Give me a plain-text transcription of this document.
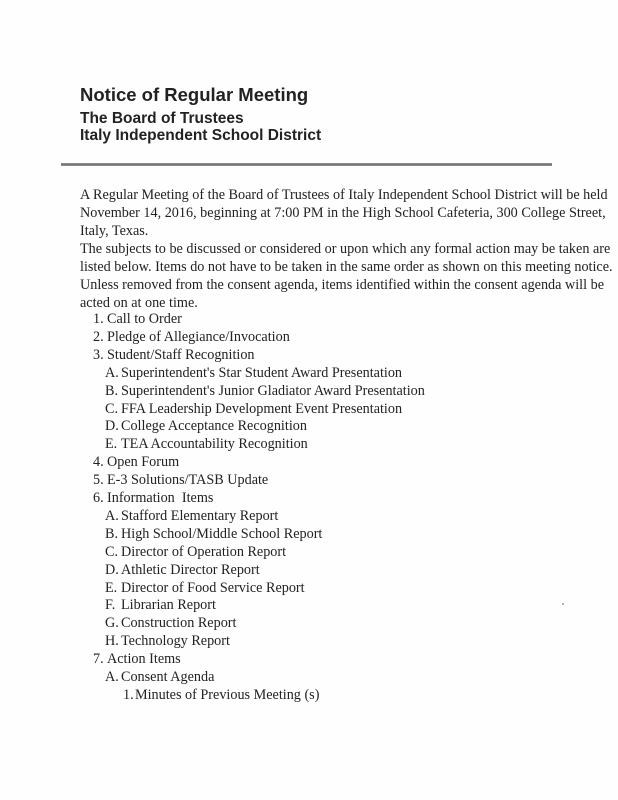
Notice of Regular Meeting
The Board of Trustees
Italy Independent School District
A Regular Meeting of the Board of Trustees of Italy Independent School District will be held
November 14, 2016, beginning at 7:00 PM in the High School Cafeteria, 300 College Street,
Italy, Texas.
The subjects to be discussed or considered or upon which any formal action may be taken are
listed below. Items do not have to be taken in the same order as shown on this meeting notice.
Unless removed from the consent agenda, items identified within the consent agenda will be
acted on at one time.
1. Call to Order
2. Pledge of Allegiance/Invocation
3. Student/Staff Recognition
A. Superintendent's Star Student Award Presentation
B. Superintendent's Junior Gladiator Award Presentation
C. FFA Leadership Development Event Presentation
D. College Acceptance Recognition
E. TEA Accountability Recognition
4. Open Forum
5. E-3 Solutions/TASB Update
6. Information  Items
A. Stafford Elementary Report
B. High School/Middle School Report
C. Director of Operation Report
D. Athletic Director Report
E. Director of Food Service Report
F. Librarian Report
G. Construction Report
H. Technology Report
7. Action Items
A. Consent Agenda
1. Minutes of Previous Meeting (s)
